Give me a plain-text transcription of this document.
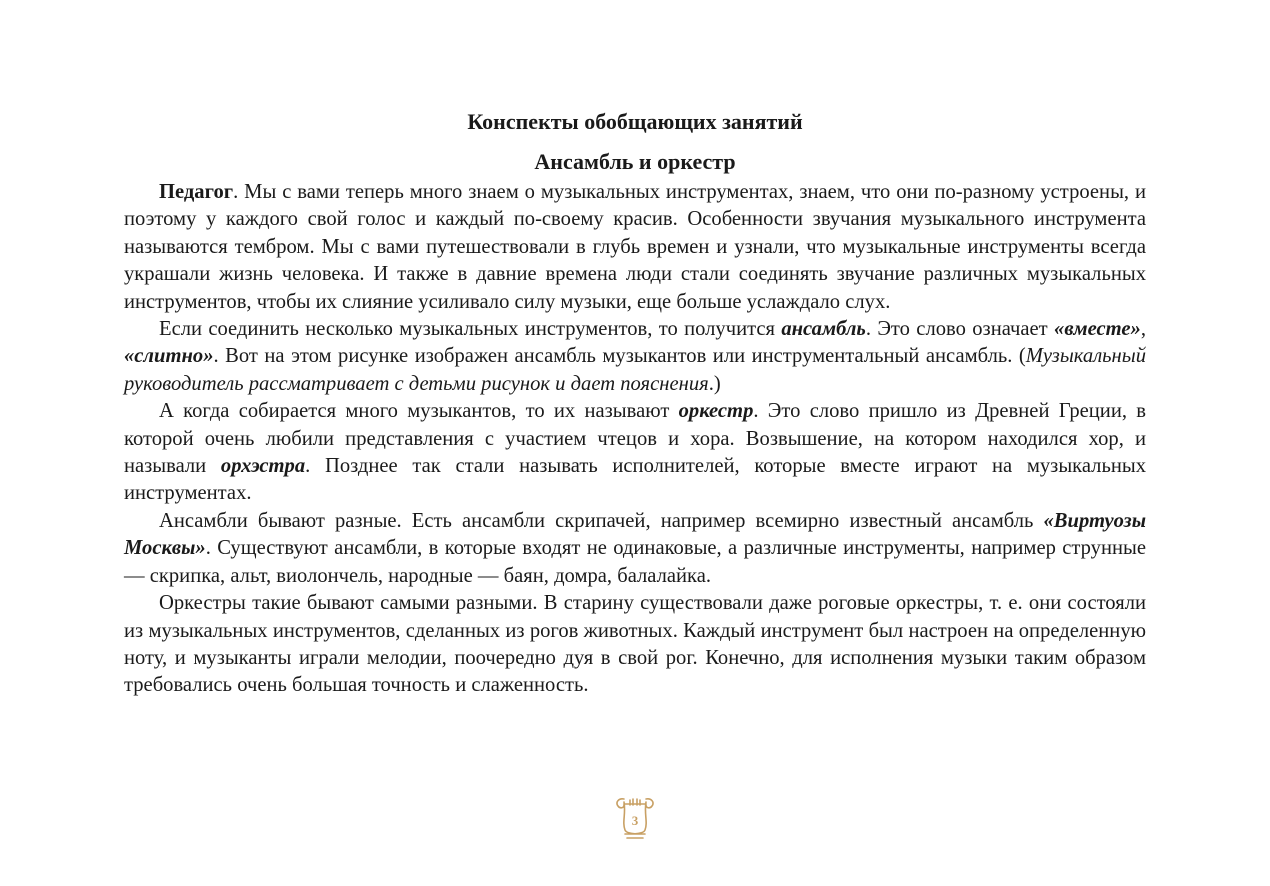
Конспекты обобщающих занятий
Ансамбль и оркестр

Педагог. Мы с вами теперь много знаем о музыкальных инструментах, знаем, что они по-разному устроены, и поэтому у каждого свой голос и каждый по-своему красив. Особенности звучания музыкального инструмента называются тембром. Мы с вами путешествовали в глубь времен и узнали, что музыкальные инструменты всегда украшали жизнь человека. И также в давние времена люди стали соединять звучание различных музыкальных инструментов, чтобы их слияние усиливало силу музыки, еще больше услаждало слух.

Если соединить несколько музыкальных инструментов, то получится ансамбль. Это слово означает «вместе», «слитно». Вот на этом рисунке изображен ансамбль музыкантов или инструментальный ансамбль. (Музыкальный руководитель рассматривает с детьми рисунок и дает пояснения.)

А когда собирается много музыкантов, то их называют оркестр. Это слово пришло из Древней Греции, в которой очень любили представления с участием чтецов и хора. Возвышение, на котором находился хор, и называли орхэстра. Позднее так стали называть исполнителей, которые вместе играют на музыкальных инструментах.

Ансамбли бывают разные. Есть ансамбли скрипачей, например всемирно известный ансамбль «Виртуозы Москвы». Существуют ансамбли, в которые входят не одинаковые, а различные инструменты, например струнные — скрипка, альт, виолончель, народные — баян, домра, балалайка.

Оркестры такие бывают самыми разными. В старину существовали даже роговые оркестры, т. е. они состояли из музыкальных инструментов, сделанных из рогов животных. Каждый инструмент был настроен на определенную ноту, и музыканты играли мелодии, поочередно дуя в свой рог. Конечно, для исполнения музыки таким образом требовались очень большая точность и слаженность.

3
